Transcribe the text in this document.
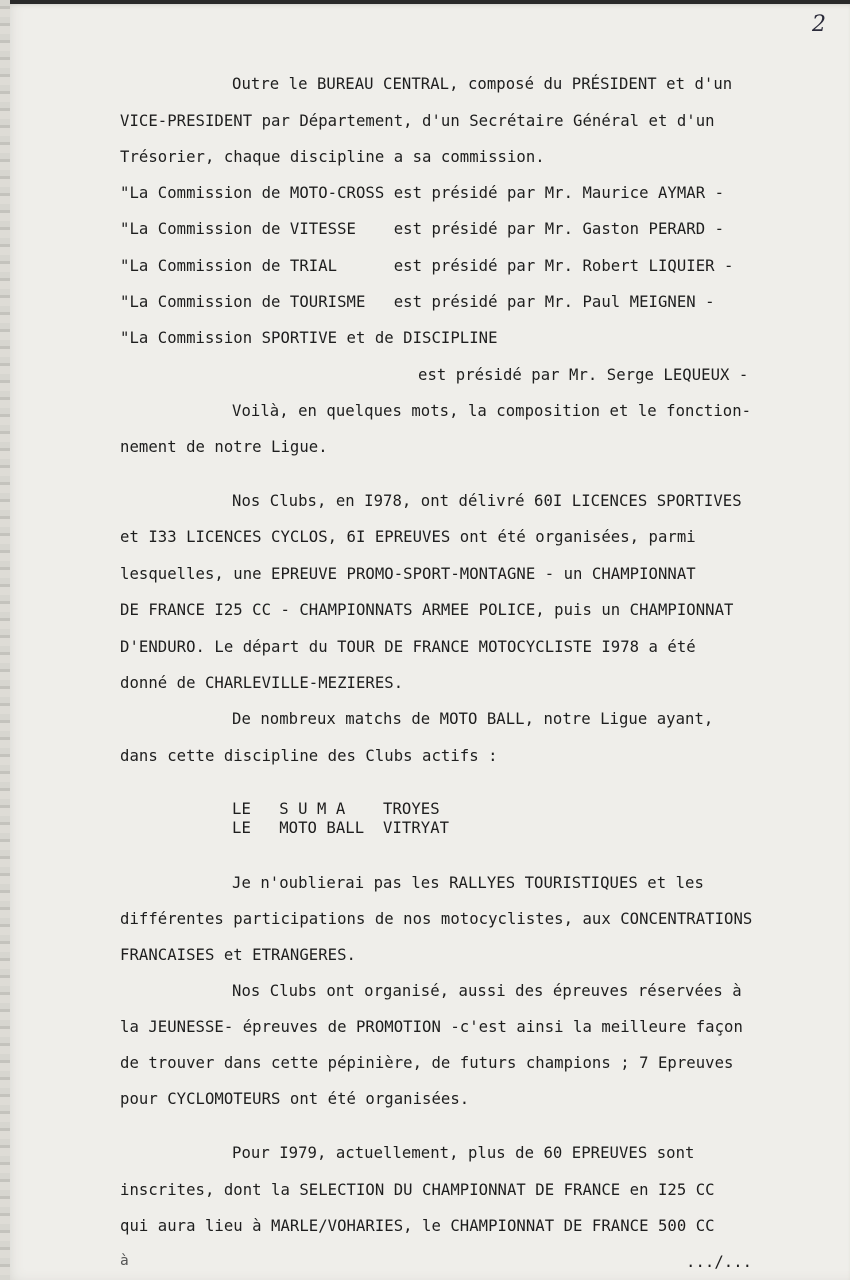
2
Outre le BUREAU CENTRAL, composé du PRÉSIDENT et d'un
VICE-PRESIDENT par Département, d'un Secrétaire Général et d'un
Trésorier, chaque discipline a sa commission.
"La Commission de MOTO-CROSS est présidé par Mr. Maurice AYMAR -
"La Commission de VITESSE    est présidé par Mr. Gaston PERARD -
"La Commission de TRIAL      est présidé par Mr. Robert LIQUIER -
"La Commission de TOURISME   est présidé par Mr. Paul MEIGNEN -
"La Commission SPORTIVE et de DISCIPLINE
est présidé par Mr. Serge LEQUEUX -
Voilà, en quelques mots, la composition et le fonction-
nement de notre Ligue.
Nos Clubs, en I978, ont délivré 60I LICENCES SPORTIVES
et I33 LICENCES CYCLOS, 6I EPREUVES ont été organisées, parmi
lesquelles, une EPREUVE PROMO-SPORT-MONTAGNE - un CHAMPIONNAT
DE FRANCE I25 CC - CHAMPIONNATS ARMEE POLICE, puis un CHAMPIONNAT
D'ENDURO. Le départ du TOUR DE FRANCE MOTOCYCLISTE I978 a été
donné de CHARLEVILLE-MEZIERES.
De nombreux matchs de MOTO BALL, notre Ligue ayant,
dans cette discipline des Clubs actifs :
LE   S U M A    TROYES
LE   MOTO BALL  VITRYAT
Je n'oublierai pas les RALLYES TOURISTIQUES et les
différentes participations de nos motocyclistes, aux CONCENTRATIONS
FRANCAISES et ETRANGERES.
Nos Clubs ont organisé, aussi des épreuves réservées à
la JEUNESSE- épreuves de PROMOTION -c'est ainsi la meilleure façon
de trouver dans cette pépinière, de futurs champions ; 7 Epreuves
pour CYCLOMOTEURS ont été organisées.
Pour I979, actuellement, plus de 60 EPREUVES sont
inscrites, dont la SELECTION DU CHAMPIONNAT DE FRANCE en I25 CC
qui aura lieu à MARLE/VOHARIES, le CHAMPIONNAT DE FRANCE 500 CC
à	.../...
